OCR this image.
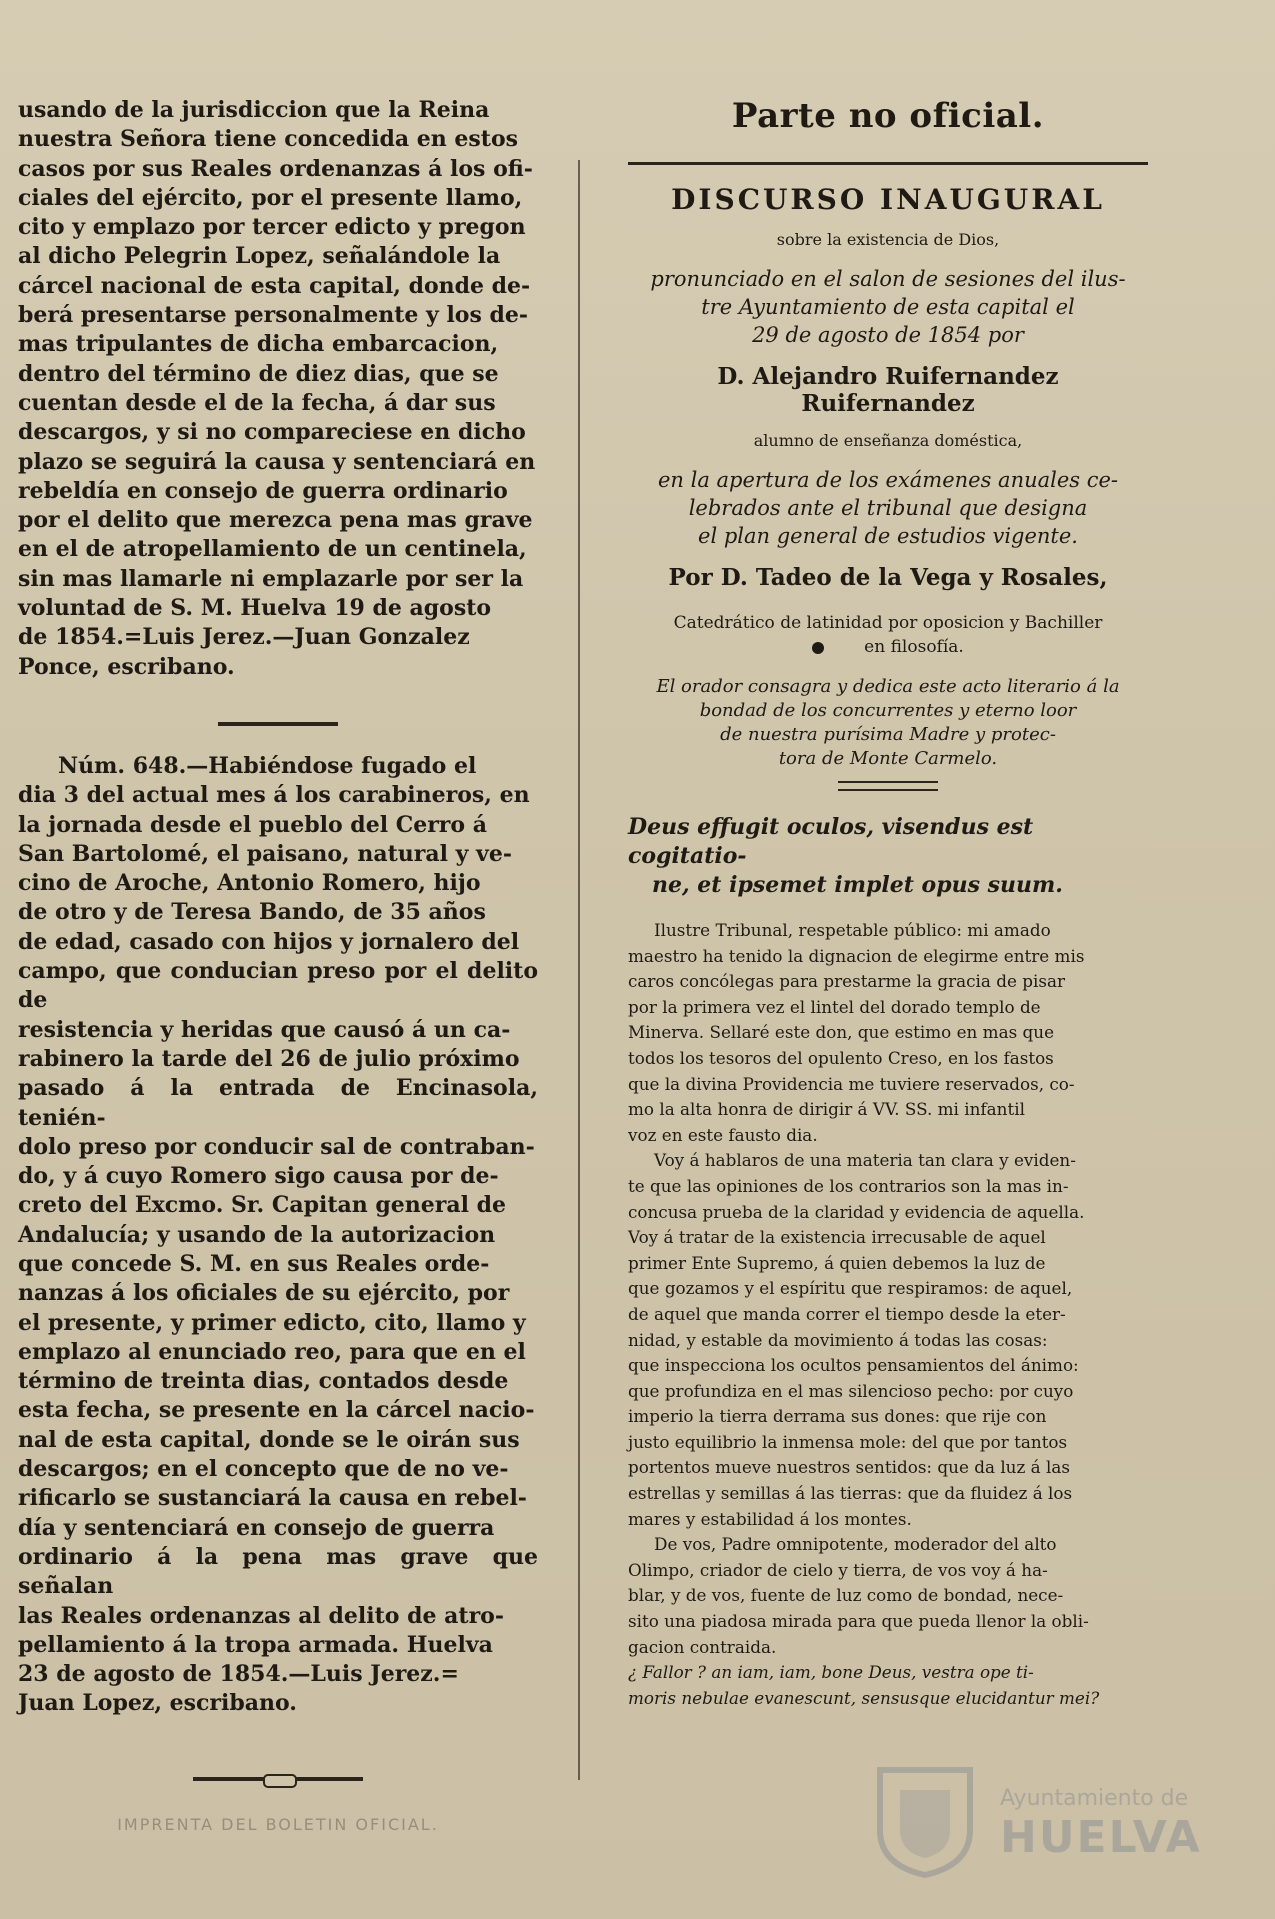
usando de la jurisdiccion que la Reina
nuestra Señora tiene concedida en estos
casos por sus Reales ordenanzas á los ofi-
ciales del ejército, por el presente llamo,
cito y emplazo por tercer edicto y pregon
al dicho Pelegrin Lopez, señalándole la
cárcel nacional de esta capital, donde de-
berá presentarse personalmente y los de-
mas tripulantes de dicha embarcacion,
dentro del término de diez dias, que se
cuentan desde el de la fecha, á dar sus
descargos, y si no compareciese en dicho
plazo se seguirá la causa y sentenciará en
rebeldía en consejo de guerra ordinario
por el delito que merezca pena mas grave
en el de atropellamiento de un centinela,
sin mas llamarle ni emplazarle por ser la
voluntad de S. M. Huelva 19 de agosto
de 1854.=Luis Jerez.—Juan Gonzalez
Ponce, escribano.

Núm. 648.—Habiéndose fugado el
dia 3 del actual mes á los carabineros, en
la jornada desde el pueblo del Cerro á
San Bartolomé, el paisano, natural y ve-
cino de Aroche, Antonio Romero, hijo
de otro y de Teresa Bando, de 35 años
de edad, casado con hijos y jornalero del
campo, que conducian preso por el delito de
resistencia y heridas que causó á un ca-
rabinero la tarde del 26 de julio próximo
pasado á la entrada de Encinasola, tenién-
dolo preso por conducir sal de contraban-
do, y á cuyo Romero sigo causa por de-
creto del Excmo. Sr. Capitan general de
Andalucía; y usando de la autorizacion
que concede S. M. en sus Reales orde-
nanzas á los oficiales de su ejército, por
el presente, y primer edicto, cito, llamo y
emplazo al enunciado reo, para que en el
término de treinta dias, contados desde
esta fecha, se presente en la cárcel nacio-
nal de esta capital, donde se le oirán sus
descargos; en el concepto que de no ve-
rificarlo se sustanciará la causa en rebel-
día y sentenciará en consejo de guerra
ordinario á la pena mas grave que señalan
las Reales ordenanzas al delito de atro-
pellamiento á la tropa armada. Huelva
23 de agosto de 1854.—Luis Jerez.=
Juan Lopez, escribano.

IMPRENTA DEL BOLETIN OFICIAL.
Parte no oficial.
DISCURSO INAUGURAL
sobre la existencia de Dios,
pronunciado en el salon de sesiones del ilus-
tre Ayuntamiento de esta capital el
29 de agosto de 1854 por
D. Alejandro Ruifernandez Ruifernandez
alumno de enseñanza doméstica,
en la apertura de los exámenes anuales ce-
lebrados ante el tribunal que designa
el plan general de estudios vigente.
Por D. Tadeo de la Vega y Rosales,
Catedrático de latinidad por oposicion y Bachiller
en filosofía.
El orador consagra y dedica este acto literario á la
bondad de los concurrentes y eterno loor
de nuestra purísima Madre y protec-
tora de Monte Carmelo.
Deus effugit oculos, visendus est cogitatio-
ne, et ipsemet implet opus suum.

Ilustre Tribunal, respetable público: mi amado
maestro ha tenido la dignacion de elegirme entre mis
caros concólegas para prestarme la gracia de pisar
por la primera vez el lintel del dorado templo de
Minerva. Sellaré este don, que estimo en mas que
todos los tesoros del opulento Creso, en los fastos
que la divina Providencia me tuviere reservados, co-
mo la alta honra de dirigir á VV. SS. mi infantil
voz en este fausto dia.

Voy á hablaros de una materia tan clara y eviden-
te que las opiniones de los contrarios son la mas in-
concusa prueba de la claridad y evidencia de aquella.
Voy á tratar de la existencia irrecusable de aquel
primer Ente Supremo, á quien debemos la luz de
que gozamos y el espíritu que respiramos: de aquel,
de aquel que manda correr el tiempo desde la eter-
nidad, y estable da movimiento á todas las cosas:
que inspecciona los ocultos pensamientos del ánimo:
que profundiza en el mas silencioso pecho: por cuyo
imperio la tierra derrama sus dones: que rije con
justo equilibrio la inmensa mole: del que por tantos
portentos mueve nuestros sentidos: que da luz á las
estrellas y semillas á las tierras: que da fluidez á los
mares y estabilidad á los montes.

De vos, Padre omnipotente, moderador del alto
Olimpo, criador de cielo y tierra, de vos voy á ha-
blar, y de vos, fuente de luz como de bondad, nece-
sito una piadosa mirada para que pueda llenor la obli-
gacion contraida.

¿ Fallor ? an iam, iam, bone Deus, vestra ope ti-
moris nebulae evanescunt, sensusque elucidantur mei?

Ayuntamiento de
HUELVA
